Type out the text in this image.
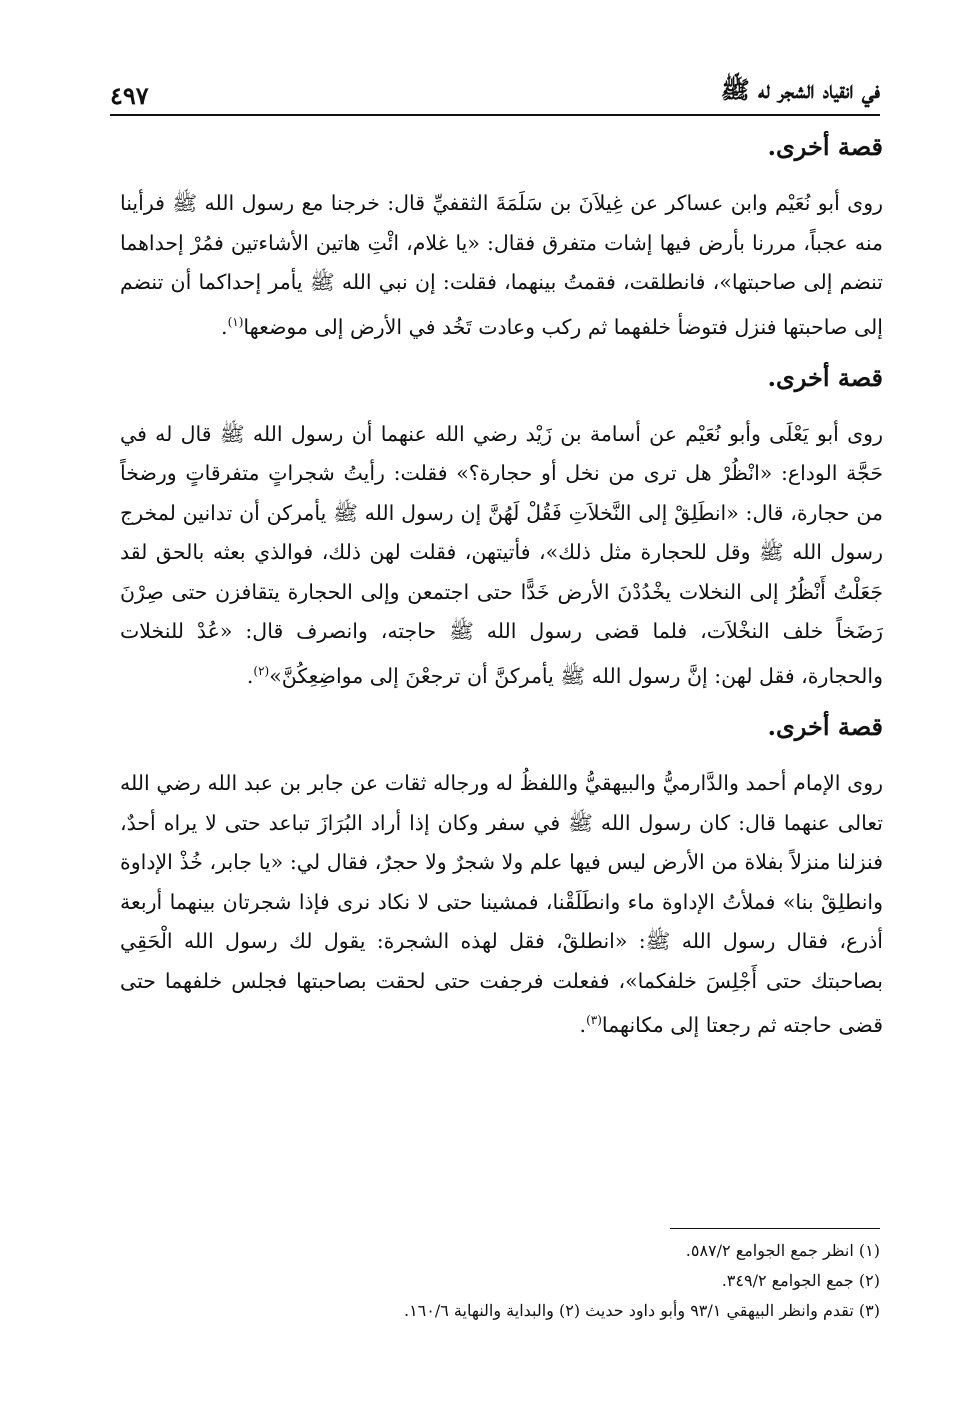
في انقياد الشجر له ﷺ
٤٩٧
قصة أخرى.

روى أبو نُعَيْم وابن عساكر عن غِيلاَنَ بن سَلَمَةَ الثقفيِّ قال: خرجنا مع رسول الله ﷺ فرأينا منه عجباً، مررنا بأرض فيها إشات متفرق فقال: «يا غلام، ائْتِ هاتين الأشاءتين فمُرْ إحداهما تنضم إلى صاحبتها»، فانطلقت، فقمتُ بينهما، فقلت: إن نبي الله ﷺ يأمر إحداكما أن تنضم إلى صاحبتها فنزل فتوضأ خلفهما ثم ركب وعادت تَخُد في الأرض إلى موضعها$^{(١)}$.

قصة أخرى.

روى أبو يَعْلَى وأبو نُعَيْم عن أسامة بن زَيْد رضي الله عنهما أن رسول الله ﷺ قال له في حَجَّة الوداع: «انْظُرْ هل ترى من نخل أو حجارة؟» فقلت: رأيتُ شجراتٍ متفرقاتٍ ورضخاً من حجارة، قال: «انطَلِقْ إلى النَّخلاَتِ فَقُلْ لَهُنَّ إن رسول الله ﷺ يأمركن أن تدانين لمخرج رسول الله ﷺ وقل للحجارة مثل ذلك»، فأتيتهن، فقلت لهن ذلك، فوالذي بعثه بالحق لقد جَعَلْتُ أَنْظُرُ إلى النخلات يخْدُدْنَ الأرض خَدًّا حتى اجتمعن وإلى الحجارة يتقافزن حتى صِرْنَ رَضَخاً خلف النخْلاَت، فلما قضى رسول الله ﷺ حاجته، وانصرف قال: «عُدْ للنخلات والحجارة، فقل لهن: إنَّ رسول الله ﷺ يأمركنَّ أن ترجعْنَ إلى مواضِعِكُنَّ»$^{(٢)}$.

قصة أخرى.

روى الإمام أحمد والدَّارميُّ والبيهقيُّ واللفظُ له ورجاله ثقات عن جابر بن عبد الله رضي الله تعالى عنهما قال: كان رسول الله ﷺ في سفر وكان إذا أراد البُرَازَ تباعد حتى لا يراه أحدٌ، فنزلنا منزلاً بفلاة من الأرض ليس فيها علم ولا شجرٌ ولا حجرٌ، فقال لي: «يا جابر، خُذْ الإداوة وانطلِقْ بنا» فملأتُ الإداوة ماء وانطَلَقْنا، فمشينا حتى لا نكاد نرى فإذا شجرتان بينهما أربعة أذرع، فقال رسول الله ﷺ: «انطلقْ، فقل لهذه الشجرة: يقول لك رسول الله الْحَقِي بصاحبتك حتى أَجْلِسَ خلفكما»، ففعلت فرجفت حتى لحقت بصاحبتها فجلس خلفهما حتى قضى حاجته ثم رجعتا إلى مكانهما$^{(٣)}$.

(١) انظر جمع الجوامع ٥٨٧/٢.
(٢) جمع الجوامع ٣٤٩/٢.
(٣) تقدم وانظر البيهقي ٩٣/١ وأبو داود حديث (٢) والبداية والنهاية ١٦٠/٦.
